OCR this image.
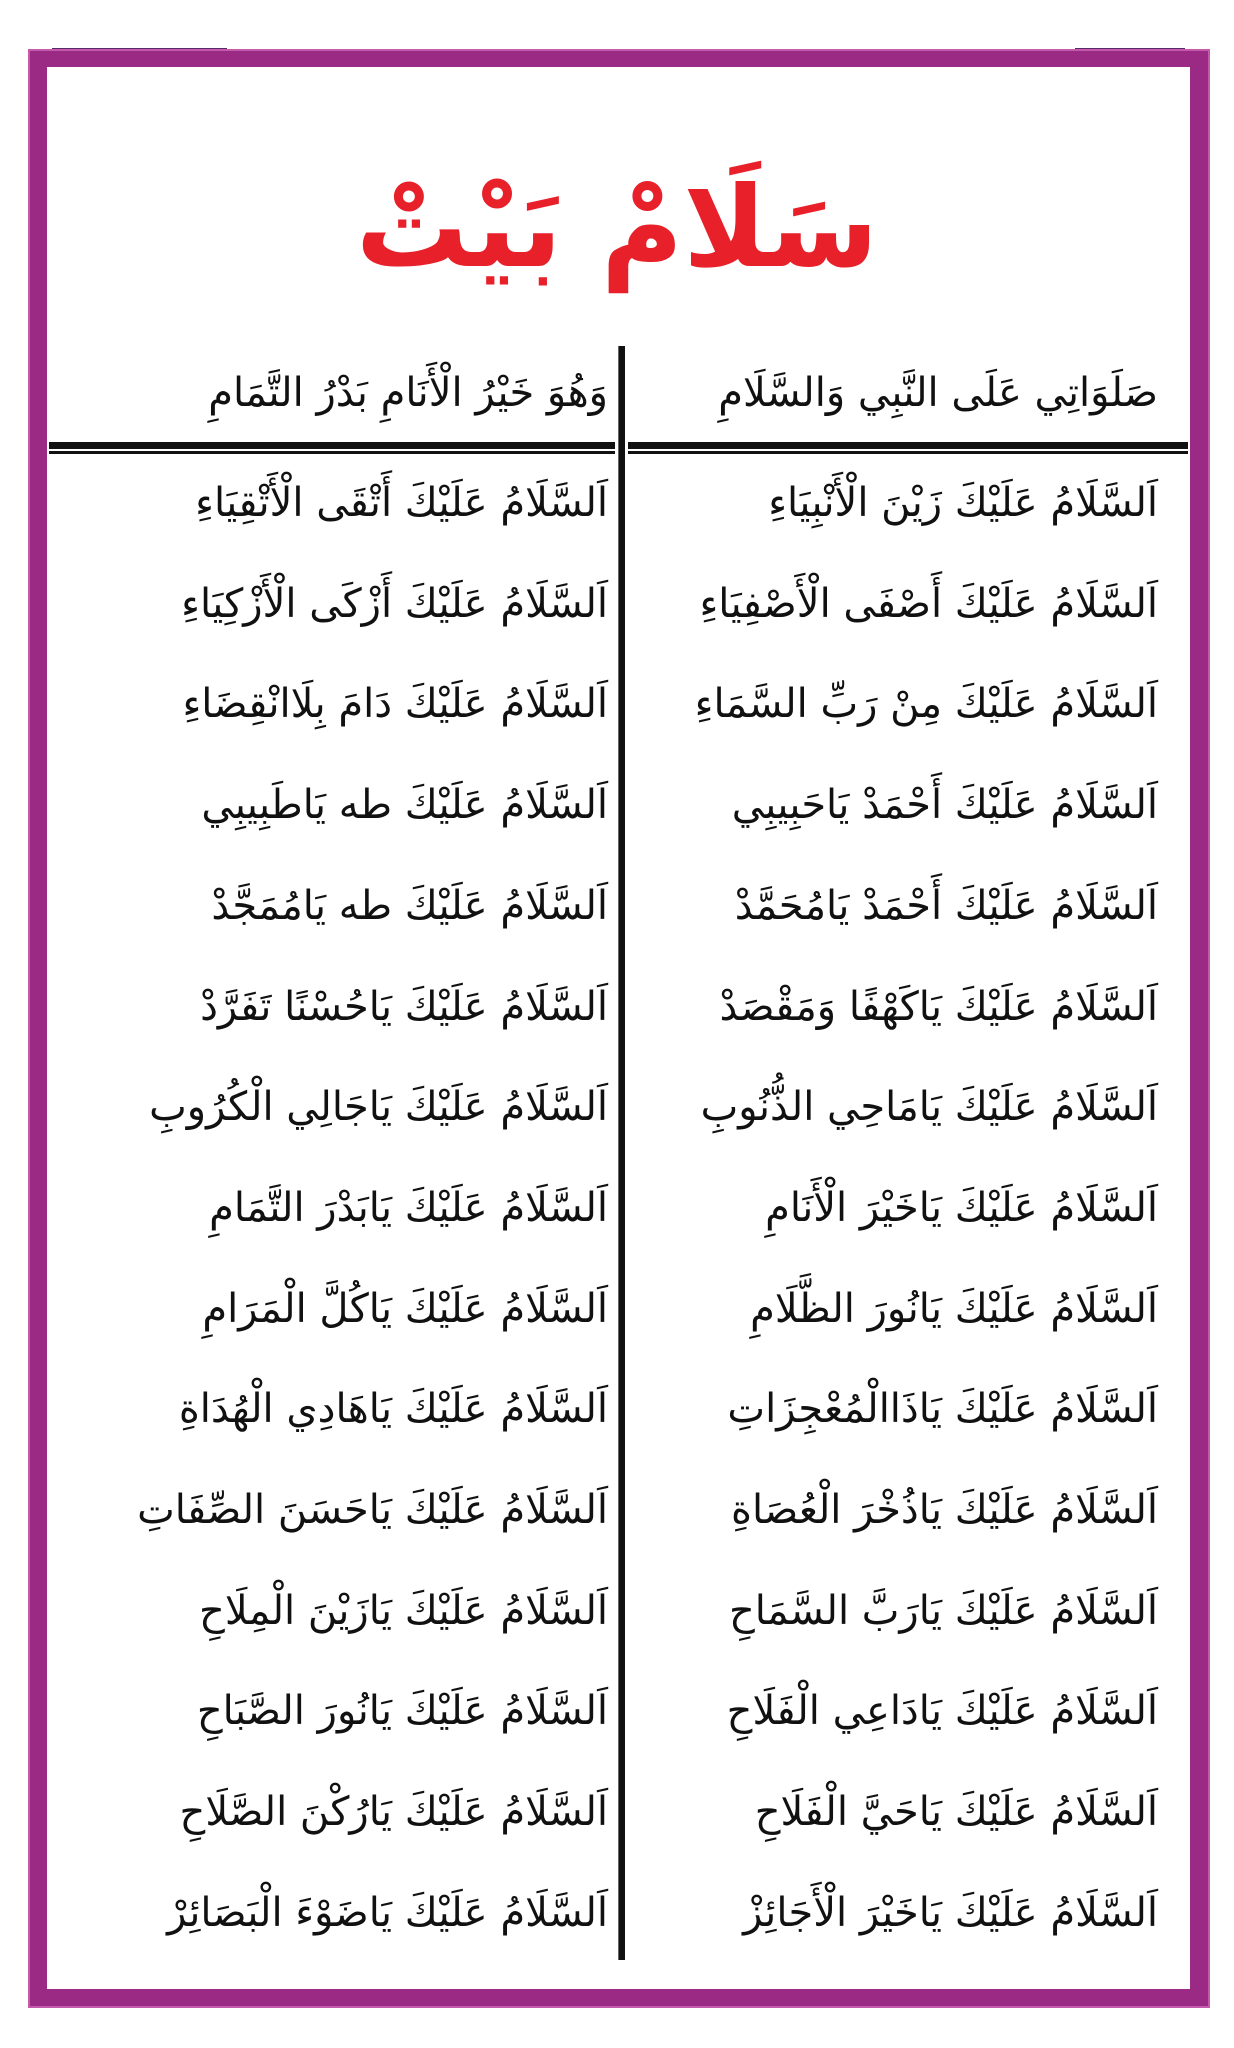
سَلَامْ بَيْتْ
صَلَوَاتِي عَلَى النَّبِي وَالسَّلَامِ
وَهُوَ خَيْرُ الْأَنَامِ بَدْرُ التَّمَامِ
اَلسَّلَامُ عَلَيْكَ زَيْنَ الْأَنْبِيَاءِ
اَلسَّلَامُ عَلَيْكَ أَتْقَى الْأَتْقِيَاءِ
اَلسَّلَامُ عَلَيْكَ أَصْفَى الْأَصْفِيَاءِ
اَلسَّلَامُ عَلَيْكَ أَزْكَى الْأَزْكِيَاءِ
اَلسَّلَامُ عَلَيْكَ مِنْ رَبِّ السَّمَاءِ
اَلسَّلَامُ عَلَيْكَ دَامَ بِلَاانْقِضَاءِ
اَلسَّلَامُ عَلَيْكَ أَحْمَدْ يَاحَبِيبِي
اَلسَّلَامُ عَلَيْكَ طه يَاطَبِيبِي
اَلسَّلَامُ عَلَيْكَ أَحْمَدْ يَامُحَمَّدْ
اَلسَّلَامُ عَلَيْكَ طه يَامُمَجَّدْ
اَلسَّلَامُ عَلَيْكَ يَاكَهْفًا وَمَقْصَدْ
اَلسَّلَامُ عَلَيْكَ يَاحُسْنًا تَفَرَّدْ
اَلسَّلَامُ عَلَيْكَ يَامَاحِي الذُّنُوبِ
اَلسَّلَامُ عَلَيْكَ يَاجَالِي الْكُرُوبِ
اَلسَّلَامُ عَلَيْكَ يَاخَيْرَ الْأَنَامِ
اَلسَّلَامُ عَلَيْكَ يَابَدْرَ التَّمَامِ
اَلسَّلَامُ عَلَيْكَ يَانُورَ الظَّلَامِ
اَلسَّلَامُ عَلَيْكَ يَاكُلَّ الْمَرَامِ
اَلسَّلَامُ عَلَيْكَ يَاذَاالْمُعْجِزَاتِ
اَلسَّلَامُ عَلَيْكَ يَاهَادِي الْهُدَاةِ
اَلسَّلَامُ عَلَيْكَ يَاذُخْرَ الْعُصَاةِ
اَلسَّلَامُ عَلَيْكَ يَاحَسَنَ الصِّفَاتِ
اَلسَّلَامُ عَلَيْكَ يَارَبَّ السَّمَاحِ
اَلسَّلَامُ عَلَيْكَ يَازَيْنَ الْمِلَاحِ
اَلسَّلَامُ عَلَيْكَ يَادَاعِي الْفَلَاحِ
اَلسَّلَامُ عَلَيْكَ يَانُورَ الصَّبَاحِ
اَلسَّلَامُ عَلَيْكَ يَاحَيَّ الْفَلَاحِ
اَلسَّلَامُ عَلَيْكَ يَارُكْنَ الصَّلَاحِ
اَلسَّلَامُ عَلَيْكَ يَاخَيْرَ الْأَجَائِزْ
اَلسَّلَامُ عَلَيْكَ يَاضَوْءَ الْبَصَائِرْ
